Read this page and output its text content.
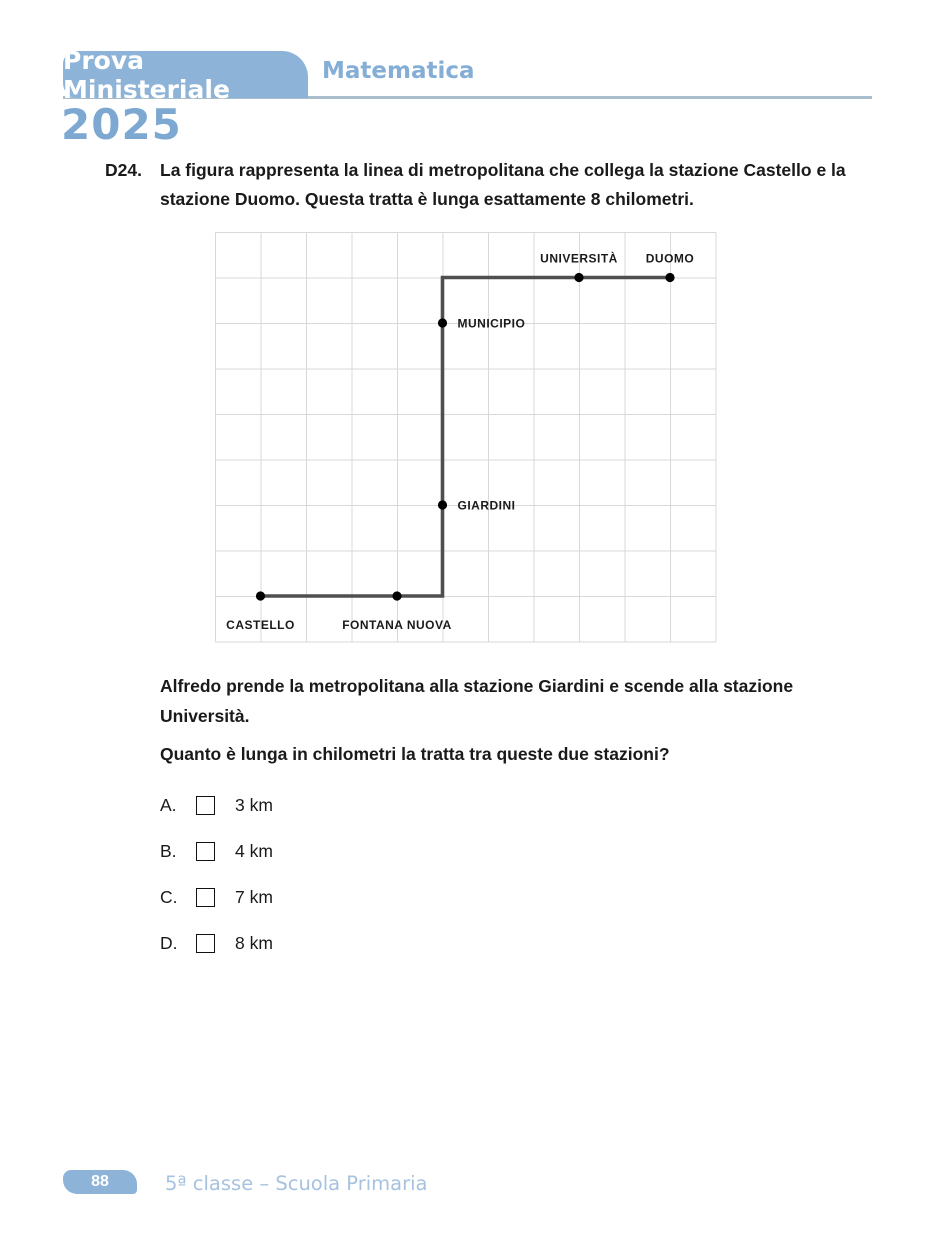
Prova Ministeriale
Matematica
2025
D24.	La figura rappresenta la linea di metropolitana che collega la stazione Castello e la stazione Duomo. Questa tratta è lunga esattamente 8 chilometri.
CASTELLO	FONTANA NUOVA
GIARDINI
MUNICIPIO
UNIVERSITÀ DUOMO
Alfredo prende la metropolitana alla stazione Giardini e scende alla stazione Università.
Quanto è lunga in chilometri la tratta tra queste due stazioni?
A.	3 km
B.	4 km
C.	7 km
D.	8 km
88	5ª classe – Scuola Primaria
